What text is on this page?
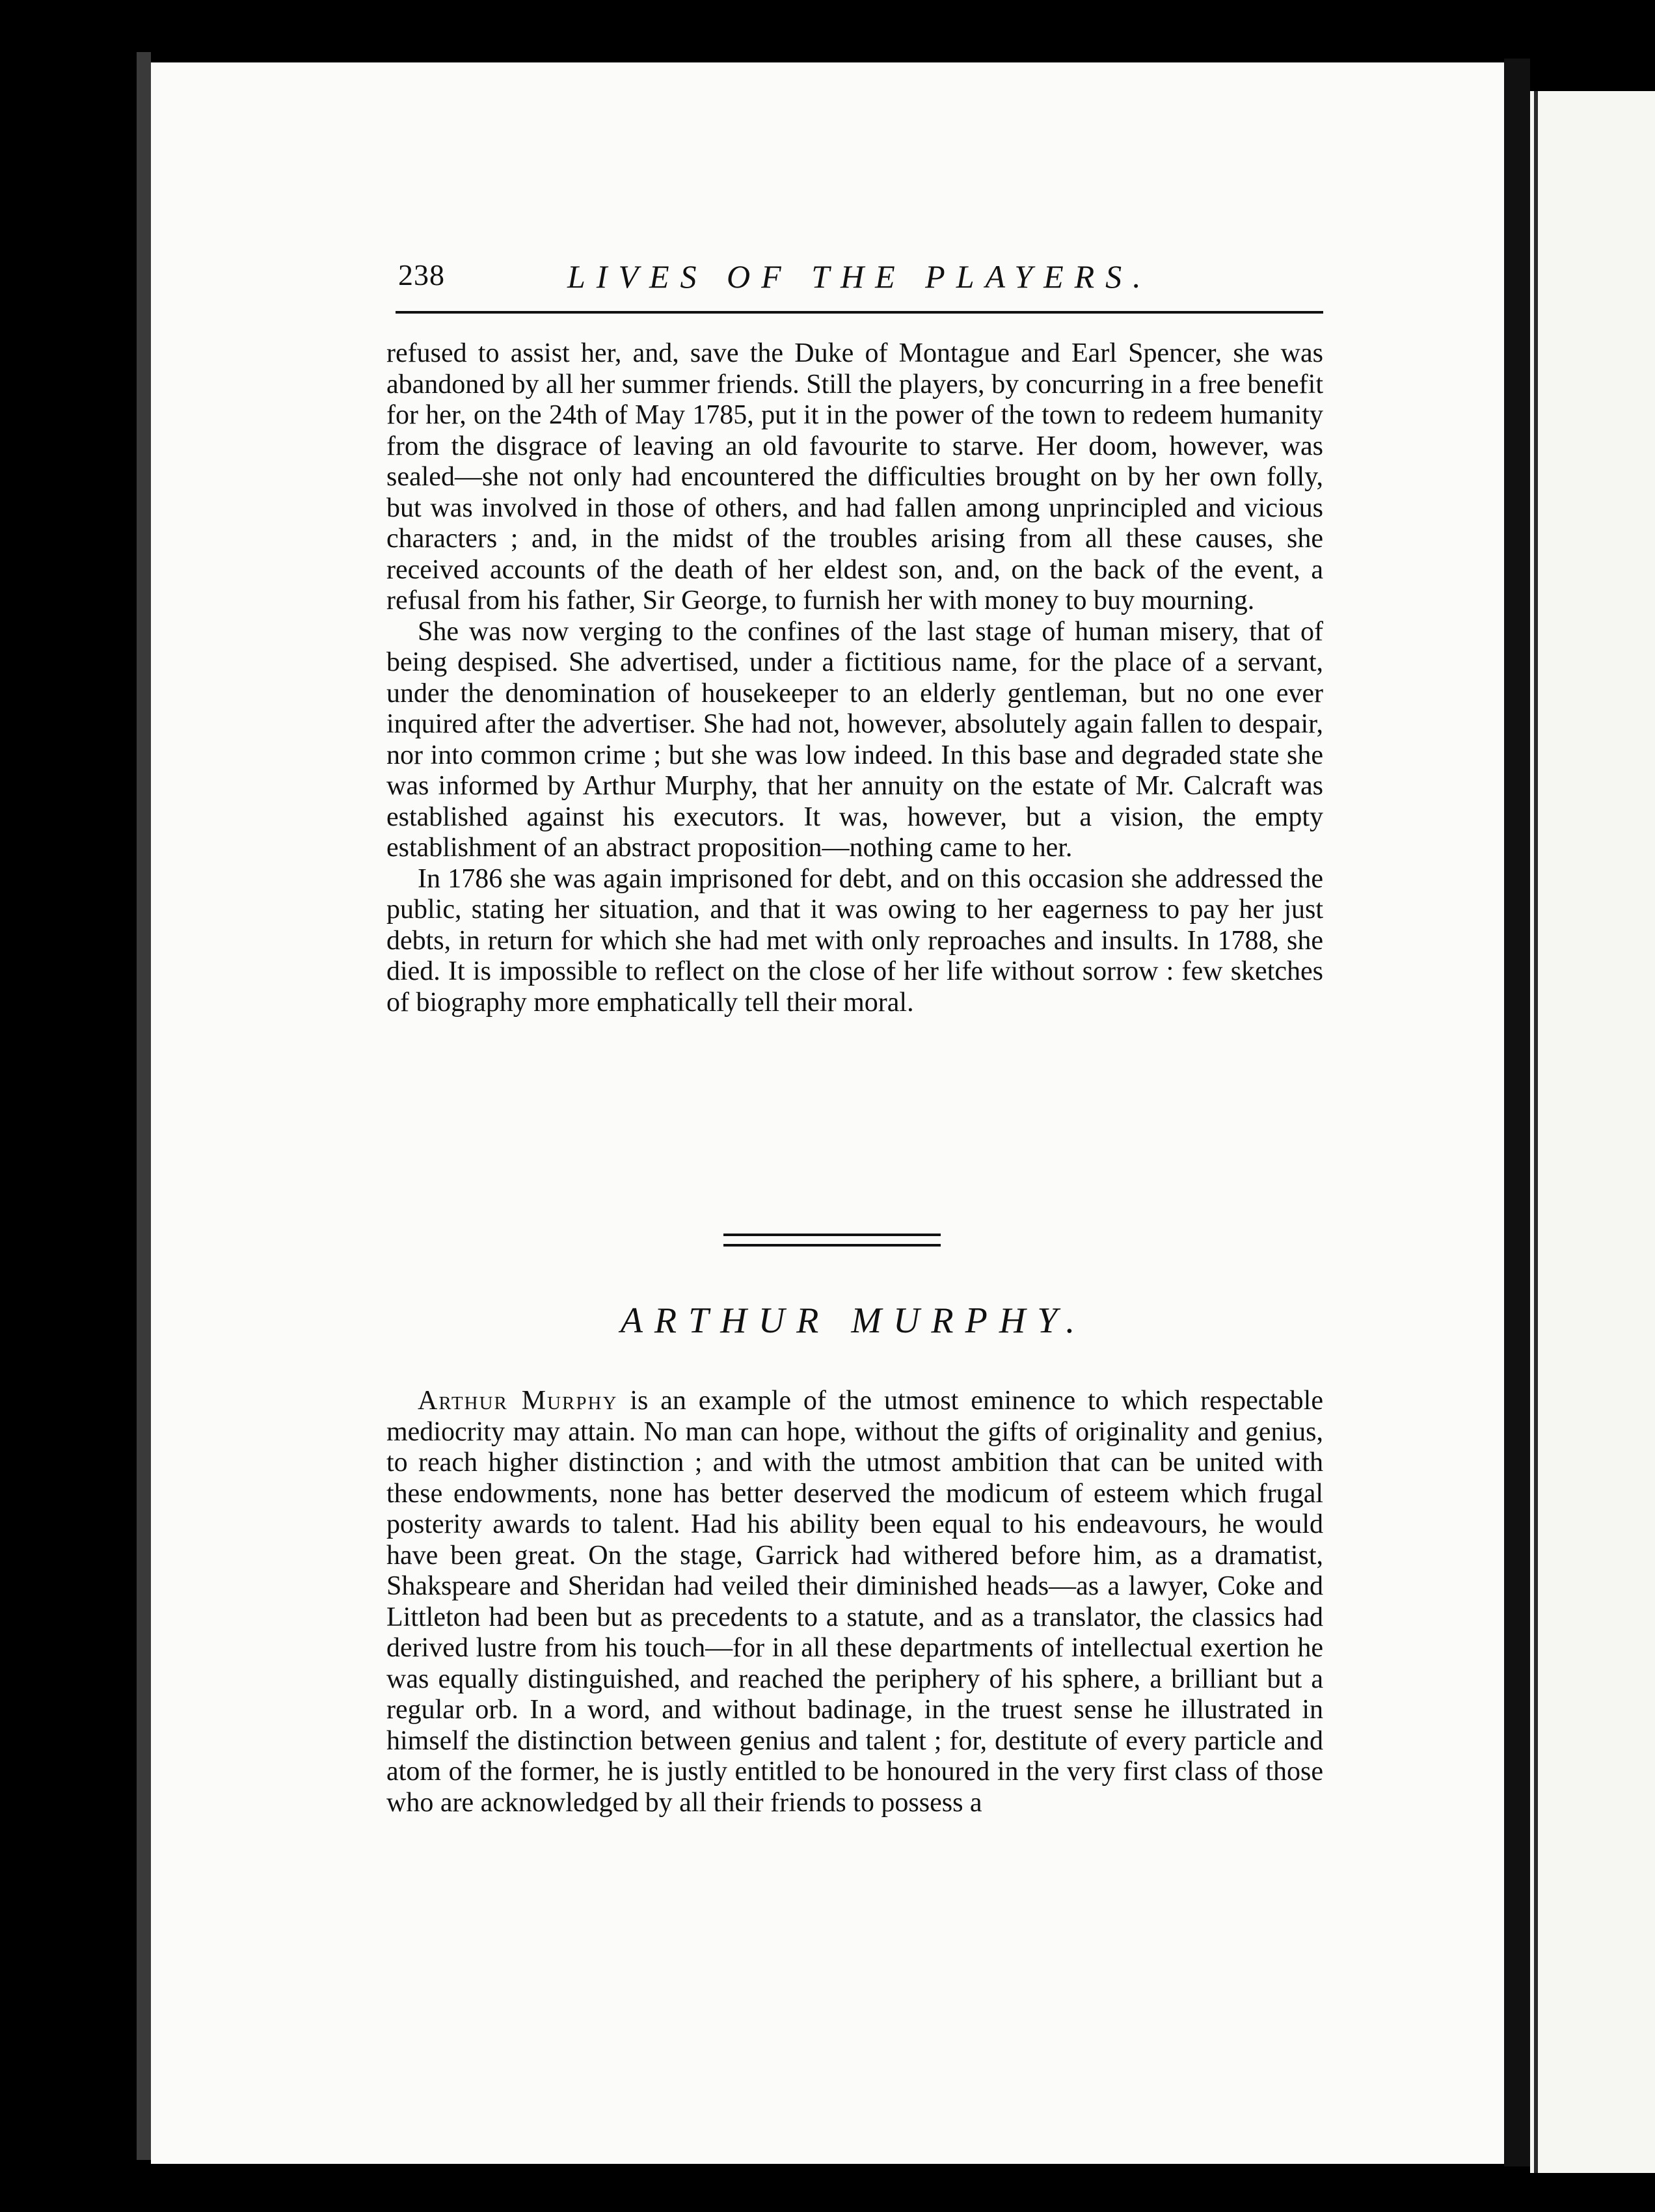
238	LIVES OF THE PLAYERS.

refused to assist her, and, save the Duke of Montague and Earl Spencer, she was abandoned by all her summer friends. Still the players, by concurring in a free benefit for her, on the 24th of May 1785, put it in the power of the town to redeem humanity from the disgrace of leaving an old favourite to starve. Her doom, however, was sealed—she not only had encountered the difficulties brought on by her own folly, but was involved in those of others, and had fallen among unprincipled and vicious characters ; and, in the midst of the troubles arising from all these causes, she received accounts of the death of her eldest son, and, on the back of the event, a refusal from his father, Sir George, to furnish her with money to buy mourning.

She was now verging to the confines of the last stage of human misery, that of being despised. She advertised, under a fictitious name, for the place of a servant, under the denomination of housekeeper to an elderly gentleman, but no one ever inquired after the advertiser. She had not, however, absolutely again fallen to despair, nor into common crime ; but she was low indeed. In this base and degraded state she was informed by Arthur Murphy, that her annuity on the estate of Mr. Calcraft was established against his executors. It was, however, but a vision, the empty establishment of an abstract proposition—nothing came to her.

In 1786 she was again imprisoned for debt, and on this occasion she addressed the public, stating her situation, and that it was owing to her eagerness to pay her just debts, in return for which she had met with only reproaches and insults. In 1788, she died. It is impossible to reflect on the close of her life without sorrow : few sketches of biography more emphatically tell their moral.

ARTHUR MURPHY.

Arthur Murphy is an example of the utmost eminence to which respectable mediocrity may attain. No man can hope, without the gifts of originality and genius, to reach higher distinction ; and with the utmost ambition that can be united with these endowments, none has better deserved the modicum of esteem which frugal posterity awards to talent. Had his ability been equal to his endeavours, he would have been great. On the stage, Garrick had withered before him, as a dramatist, Shakspeare and Sheridan had veiled their diminished heads—as a lawyer, Coke and Littleton had been but as precedents to a statute, and as a translator, the classics had derived lustre from his touch—for in all these departments of intellectual exertion he was equally distinguished, and reached the periphery of his sphere, a brilliant but a regular orb. In a word, and without badinage, in the truest sense he illustrated in himself the distinction between genius and talent ; for, destitute of every particle and atom of the former, he is justly entitled to be honoured in the very first class of those who are acknowledged by all their friends to possess a
